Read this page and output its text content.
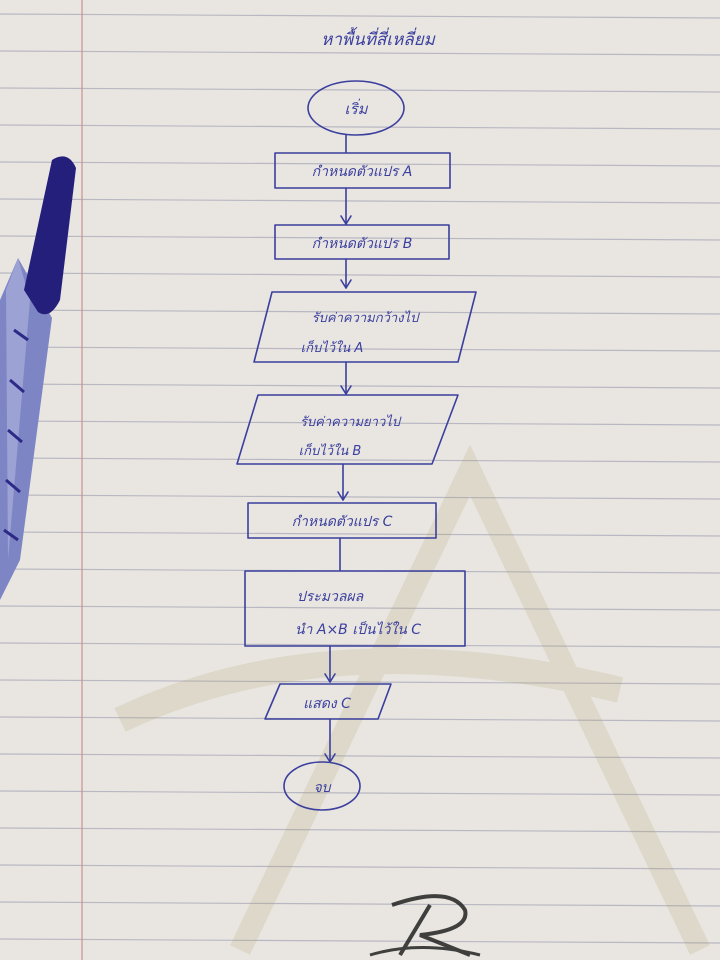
หาพื้นที่สี่เหลี่ยม
เริ่ม
กำหนดตัวแปร A
กำหนดตัวแปร B
รับค่าความกว้างไป
เก็บไว้ใน A
รับค่าความยาวไป
เก็บไว้ใน B
กำหนดตัวแปร C
ประมวลผล
นำ A×B เป็นไว้ใน C
แสดง C
จบ
